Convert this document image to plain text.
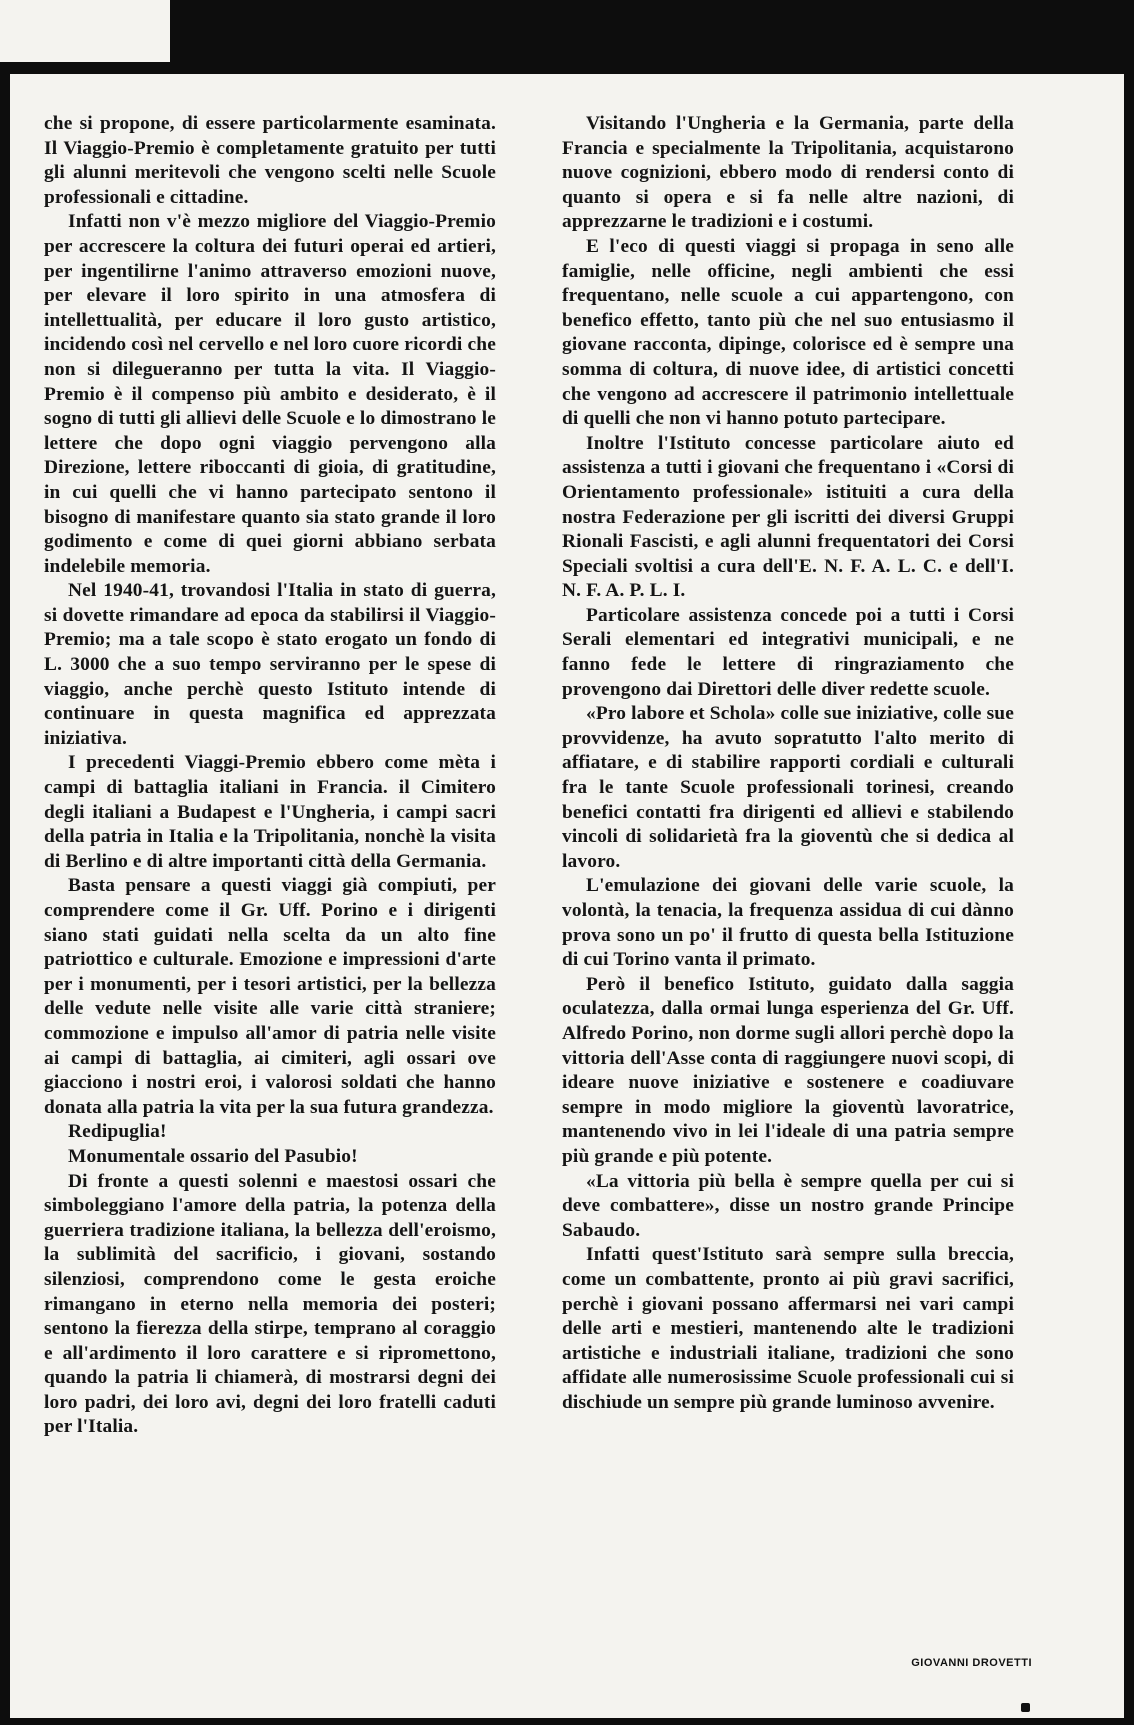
che si propone, di essere particolarmente esaminata. Il Viaggio-Premio è completamente gratuito per tutti gli alunni meritevoli che vengono scelti nelle Scuole professionali e cittadine.

Infatti non v'è mezzo migliore del Viaggio-Premio per accrescere la coltura dei futuri operai ed artieri, per ingentilirne l'animo attraverso emozioni nuove, per elevare il loro spirito in una atmosfera di intellettualità, per educare il loro gusto artistico, incidendo così nel cervello e nel loro cuore ricordi che non si dilegueranno per tutta la vita. Il Viaggio-Premio è il compenso più ambito e desiderato, è il sogno di tutti gli allievi delle Scuole e lo dimostrano le lettere che dopo ogni viaggio pervengono alla Direzione, lettere riboccanti di gioia, di gratitudine, in cui quelli che vi hanno partecipato sentono il bisogno di manifestare quanto sia stato grande il loro godimento e come di quei giorni abbiano serbata indelebile memoria.

Nel 1940-41, trovandosi l'Italia in stato di guerra, si dovette rimandare ad epoca da stabilirsi il Viaggio-Premio; ma a tale scopo è stato erogato un fondo di L. 3000 che a suo tempo serviranno per le spese di viaggio, anche perchè questo Istituto intende di continuare in questa magnifica ed apprezzata iniziativa.

I precedenti Viaggi-Premio ebbero come mèta i campi di battaglia italiani in Francia. il Cimitero degli italiani a Budapest e l'Ungheria, i campi sacri della patria in Italia e la Tripolitania, nonchè la visita di Berlino e di altre importanti città della Germania.

Basta pensare a questi viaggi già compiuti, per comprendere come il Gr. Uff. Porino e i dirigenti siano stati guidati nella scelta da un alto fine patriottico e culturale. Emozione e impressioni d'arte per i monumenti, per i tesori artistici, per la bellezza delle vedute nelle visite alle varie città straniere; commozione e impulso all'amor di patria nelle visite ai campi di battaglia, ai cimiteri, agli ossari ove giacciono i nostri eroi, i valorosi soldati che hanno donata alla patria la vita per la sua futura grandezza.

Redipuglia!

Monumentale ossario del Pasubio!

Di fronte a questi solenni e maestosi ossari che simboleggiano l'amore della patria, la potenza della guerriera tradizione italiana, la bellezza dell'eroismo, la sublimità del sacrificio, i giovani, sostando silenziosi, comprendono come le gesta eroiche rimangano in eterno nella memoria dei posteri; sentono la fierezza della stirpe, temprano al coraggio e all'ardimento il loro carattere e si ripromettono, quando la patria li chiamerà, di mostrarsi degni dei loro padri, dei loro avi, degni dei loro fratelli caduti per l'Italia.

Visitando l'Ungheria e la Germania, parte della Francia e specialmente la Tripolitania, acquistarono nuove cognizioni, ebbero modo di rendersi conto di quanto si opera e si fa nelle altre nazioni, di apprezzarne le tradizioni e i costumi.

E l'eco di questi viaggi si propaga in seno alle famiglie, nelle officine, negli ambienti che essi frequentano, nelle scuole a cui appartengono, con benefico effetto, tanto più che nel suo entusiasmo il giovane racconta, dipinge, colorisce ed è sempre una somma di coltura, di nuove idee, di artistici concetti che vengono ad accrescere il patrimonio intellettuale di quelli che non vi hanno potuto partecipare.

Inoltre l'Istituto concesse particolare aiuto ed assistenza a tutti i giovani che frequentano i «Corsi di Orientamento professionale» istituiti a cura della nostra Federazione per gli iscritti dei diversi Gruppi Rionali Fascisti, e agli alunni frequentatori dei Corsi Speciali svoltisi a cura dell'E. N. F. A. L. C. e dell'I. N. F. A. P. L. I.

Particolare assistenza concede poi a tutti i Corsi Serali elementari ed integrativi municipali, e ne fanno fede le lettere di ringraziamento che provengono dai Direttori delle diver redette scuole.

«Pro labore et Schola» colle sue iniziative, colle sue provvidenze, ha avuto sopratutto l'alto merito di affiatare, e di stabilire rapporti cordiali e culturali fra le tante Scuole professionali torinesi, creando benefici contatti fra dirigenti ed allievi e stabilendo vincoli di solidarietà fra la gioventù che si dedica al lavoro.

L'emulazione dei giovani delle varie scuole, la volontà, la tenacia, la frequenza assidua di cui dànno prova sono un po' il frutto di questa bella Istituzione di cui Torino vanta il primato.

Però il benefico Istituto, guidato dalla saggia oculatezza, dalla ormai lunga esperienza del Gr. Uff. Alfredo Porino, non dorme sugli allori perchè dopo la vittoria dell'Asse conta di raggiungere nuovi scopi, di ideare nuove iniziative e sostenere e coadiuvare sempre in modo migliore la gioventù lavoratrice, mantenendo vivo in lei l'ideale di una patria sempre più grande e più potente.

«La vittoria più bella è sempre quella per cui si deve combattere», disse un nostro grande Principe Sabaudo.

Infatti quest'Istituto sarà sempre sulla breccia, come un combattente, pronto ai più gravi sacrifici, perchè i giovani possano affermarsi nei vari campi delle arti e mestieri, mantenendo alte le tradizioni artistiche e industriali italiane, tradizioni che sono affidate alle numerosissime Scuole professionali cui si dischiude un sempre più grande luminoso avvenire.

GIOVANNI DROVETTI
